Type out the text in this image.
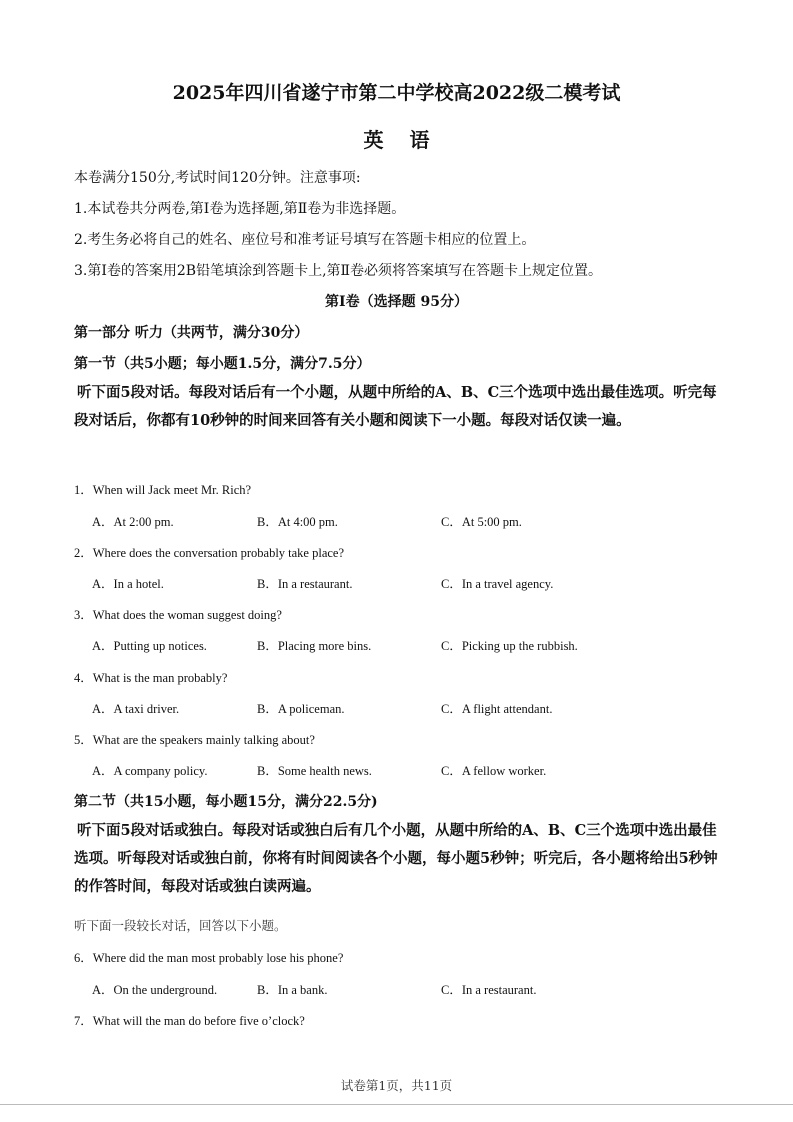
2025年四川省遂宁市第二中学校高2022级二模考试
英语
本卷满分150分,考试时间120分钟。注意事项:
1.本试卷共分两卷,第Ⅰ卷为选择题,第Ⅱ卷为非选择题。
2.考生务必将自己的姓名、座位号和准考证号填写在答题卡相应的位置上。
3.第Ⅰ卷的答案用2B铅笔填涂到答题卡上,第Ⅱ卷必须将答案填写在答题卡上规定位置。
第I卷（选择题 95分）
第一部分 听力（共两节，满分30分）
第一节（共5小题；每小题1.5分，满分7.5分）
听下面5段对话。每段对话后有一个小题，从题中所给的A、B、C三个选项中选出最佳选项。听完每段对话后，你都有10秒钟的时间来回答有关小题和阅读下一小题。每段对话仅读一遍。
1．When will Jack meet Mr. Rich?
A．At 2:00 pm.	B．At 4:00 pm.	C．At 5:00 pm.
2．Where does the conversation probably take place?
A．In a hotel.	B．In a restaurant.	C．In a travel agency.
3．What does the woman suggest doing?
A．Putting up notices.	B．Placing more bins.	C．Picking up the rubbish.
4．What is the man probably?
A．A taxi driver.	B．A policeman.	C．A flight attendant.
5．What are the speakers mainly talking about?
A．A company policy.	B．Some health news.	C．A fellow worker.
第二节（共15小题，每小题15分，满分22.5分)
听下面5段对话或独白。每段对话或独白后有几个小题，从题中所给的A、B、C三个选项中选出最佳选项。听每段对话或独白前，你将有时间阅读各个小题，每小题5秒钟；听完后，各小题将给出5秒钟的作答时间，每段对话或独白读两遍。
听下面一段较长对话，回答以下小题。
6．Where did the man most probably lose his phone?
A．On the underground.	B．In a bank.	C．In a restaurant.
7．What will the man do before five o’clock?
试卷第1页，共11页
